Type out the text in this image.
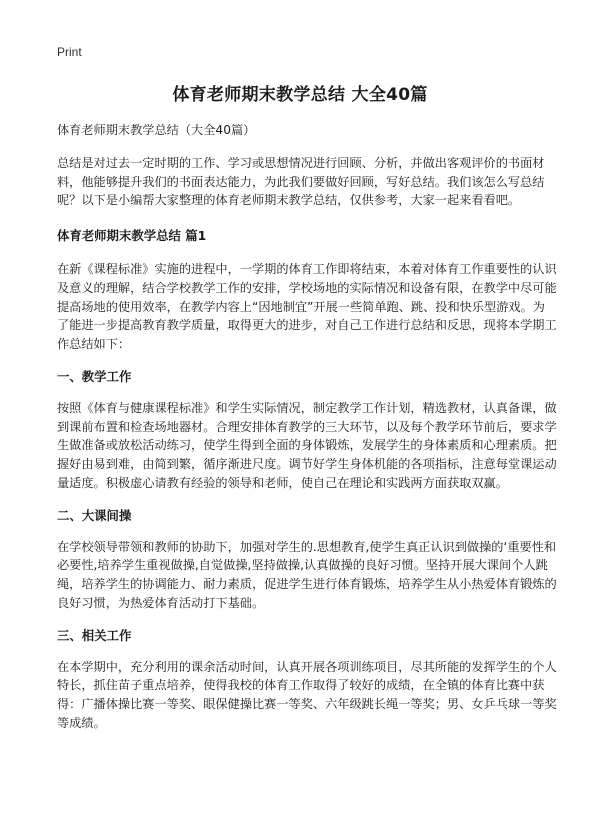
Print
体育老师期末教学总结 大全40篇

体育老师期末教学总结（大全40篇）

总结是对过去一定时期的工作、学习或思想情况进行回顾、分析，并做出客观评价的书面材料，他能够提升我们的书面表达能力，为此我们要做好回顾，写好总结。我们该怎么写总结呢？以下是小编帮大家整理的体育老师期末教学总结，仅供参考，大家一起来看看吧。

体育老师期末教学总结 篇1

在新《课程标准》实施的进程中，一学期的体育工作即将结束，本着对体育工作重要性的认识及意义的理解，结合学校教学工作的安排，学校场地的实际情况和设备有限，在教学中尽可能提高场地的使用效率，在教学内容上“因地制宜”开展一些简单跑、跳、投和快乐型游戏。为了能进一步提高教育教学质量，取得更大的进步，对自己工作进行总结和反思，现将本学期工作总结如下：

一、教学工作

按照《体育与健康课程标准》和学生实际情况，制定教学工作计划，精选教材，认真备课，做到课前布置和检查场地器材。合理安排体育教学的三大环节，以及每个教学环节前后，要求学生做准备或放松活动练习，使学生得到全面的身体锻炼，发展学生的身体素质和心理素质。把握好由易到难，由简到繁，循序渐进尺度。调节好学生身体机能的各项指标，注意每堂课运动量适度。积极虚心请教有经验的领导和老师，使自己在理论和实践两方面获取双赢。

二、大课间操

在学校领导带领和教师的协助下，加强对学生的.思想教育,使学生真正认识到做操的‘重要性和必要性,培养学生重视做操,自觉做操,坚持做操,认真做操的良好习惯。坚持开展大课间个人跳绳，培养学生的协调能力、耐力素质，促进学生进行体育锻炼，培养学生从小热爱体育锻炼的良好习惯，为热爱体育活动打下基础。

三、相关工作

在本学期中，充分利用的课余活动时间，认真开展各项训练项目，尽其所能的发挥学生的个人特长，抓住苗子重点培养，使得我校的体育工作取得了较好的成绩，在全镇的体育比赛中获得：广播体操比赛一等奖、眼保健操比赛一等奖、六年级跳长绳一等奖；男、女乒乓球一等奖等成绩。
